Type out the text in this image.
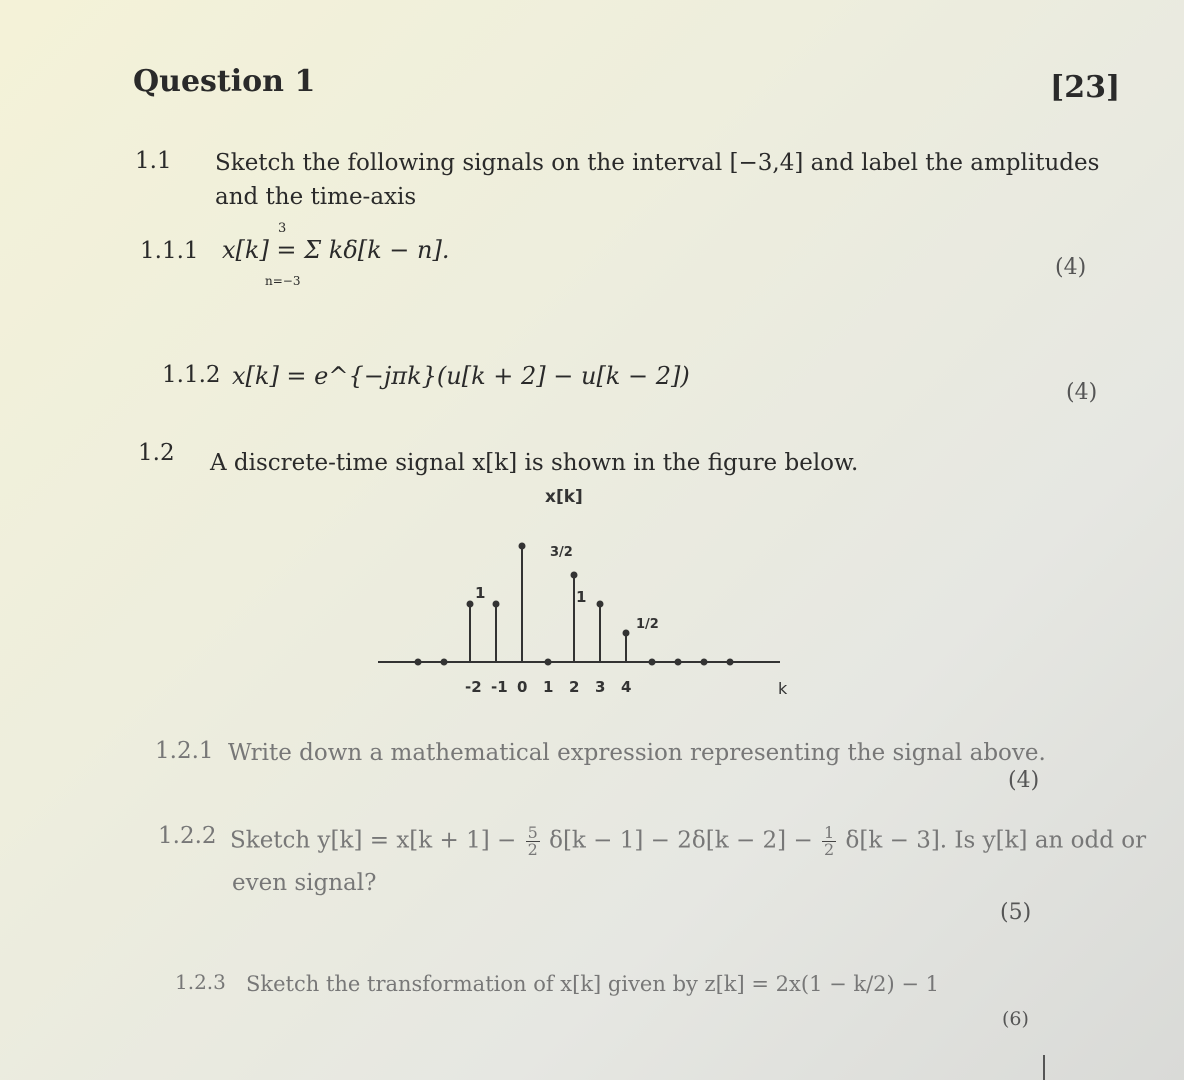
Question 1	[23]
1.1 Sketch the following signals on the interval [−3,4] and label the amplitudes
and the time-axis
1.1.1
3
x[k] = Σ kδ[k − n].
n=−3
(4)
1.1.2 x[k] = e^{−jπk}(u[k + 2] − u[k − 2])
(4)
1.2 A discrete-time signal x[k] is shown in the figure below.
x[k]
k
1
3/2
1
1/2
-2 -1 0 1 2 3 4
1.2.1 Write down a mathematical expression representing the signal above.
(4)
1.2.2 Sketch $y[k] = x[k + 1] - \frac{5}{2} \delta[k - 1] - 2\delta[k - 2] - \frac{1}{2} \delta[k - 3]$. Is y[k] an odd or
even signal?
(5)
1.2.3 Sketch the transformation of x[k] given by z[k] = 2x(1 − k/2) − 1
(6)
